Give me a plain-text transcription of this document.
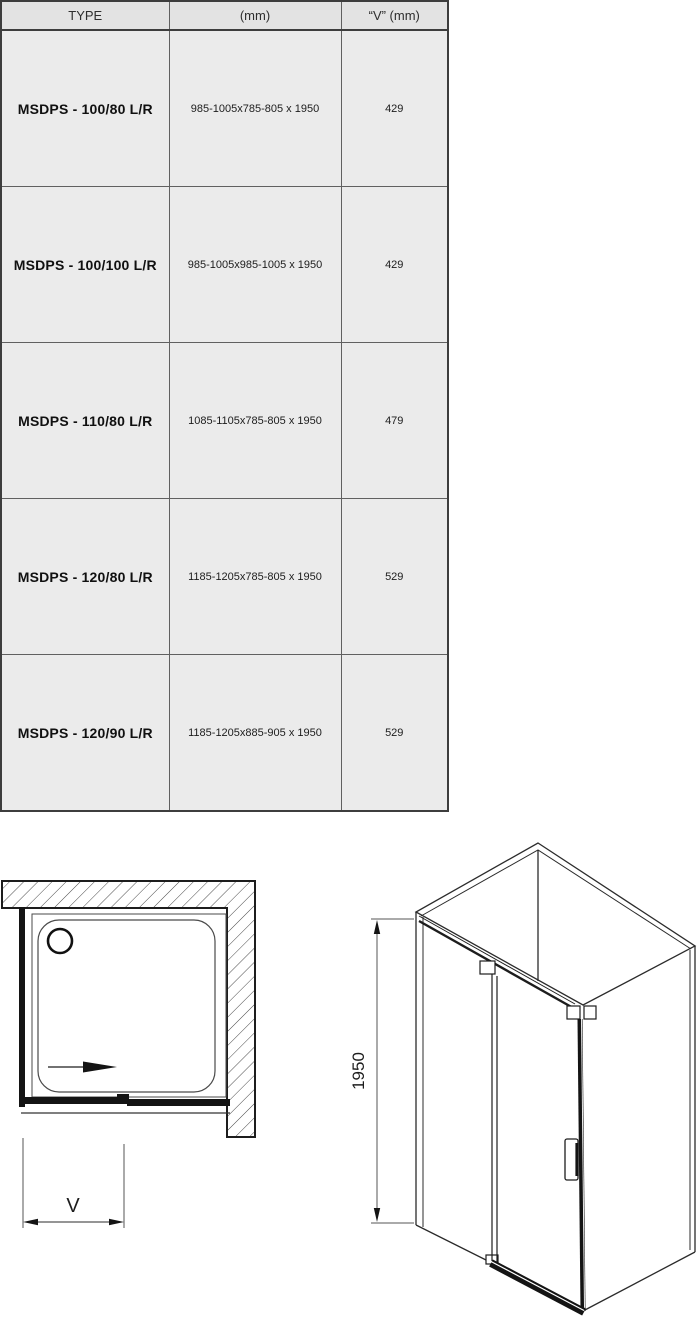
TYPE	(mm)	“V” (mm)
MSDPS - 100/80 L/R	985-1005x785-805 x 1950	429
MSDPS - 100/100 L/R	985-1005x985-1005 x 1950	429
MSDPS - 110/80 L/R	1085-1105x785-805 x 1950	479
MSDPS - 120/80 L/R	1185-1205x785-805 x 1950	529
MSDPS - 120/90 L/R	1185-1205x885-905 x 1950	529
V
1950
